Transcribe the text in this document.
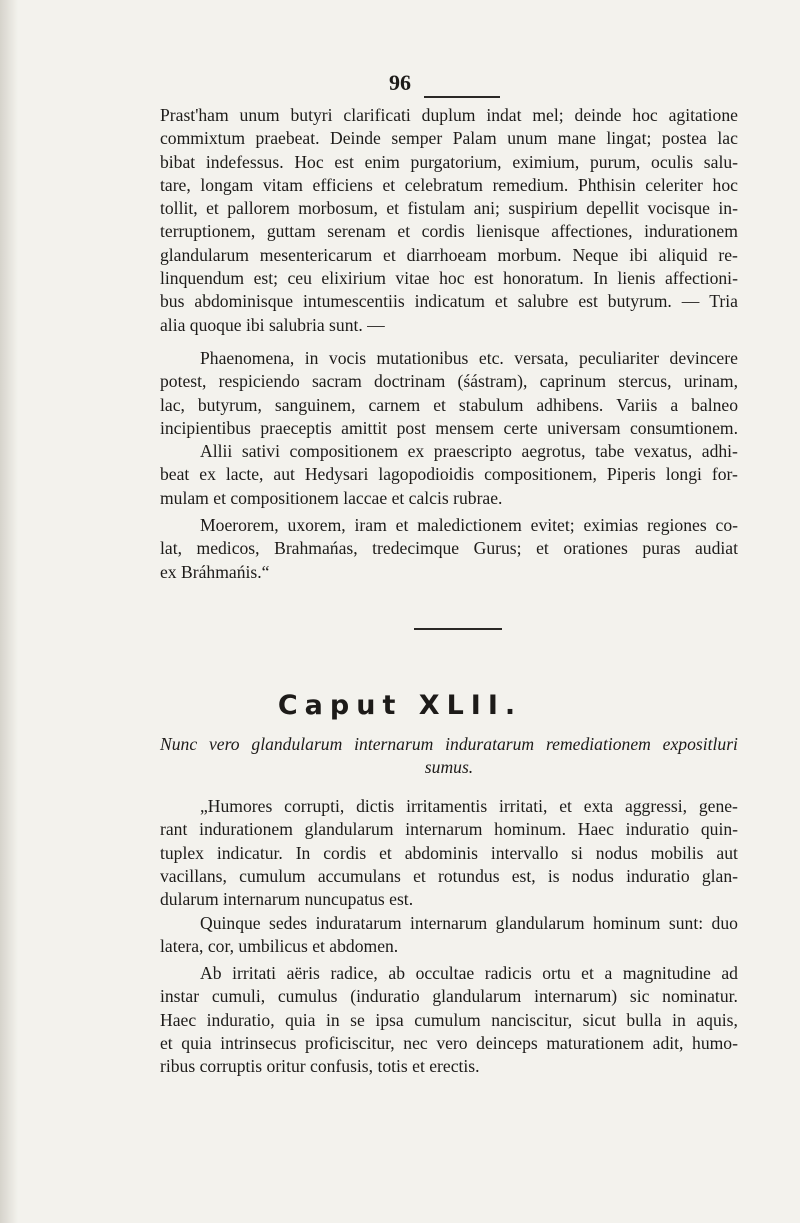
96
Prast'ham unum butyri clarificati duplum indat mel; deinde hoc agitatione
commixtum praebeat. Deinde semper Palam unum mane lingat; postea lac
bibat indefessus. Hoc est enim purgatorium, eximium, purum, oculis salu-
tare, longam vitam efficiens et celebratum remedium. Phthisin celeriter hoc
tollit, et pallorem morbosum, et fistulam ani; suspirium depellit vocisque in-
terruptionem, guttam serenam et cordis lienisque affectiones, indurationem
glandularum mesentericarum et diarrhoeam morbum. Neque ibi aliquid re-
linquendum est; ceu elixirium vitae hoc est honoratum. In lienis affectioni-
bus abdominisque intumescentiis indicatum et salubre est butyrum. — Tria
alia quoque ibi salubria sunt. —
Phaenomena, in vocis mutationibus etc. versata, peculiariter devincere
potest, respiciendo sacram doctrinam (śástram), caprinum stercus, urinam,
lac, butyrum, sanguinem, carnem et stabulum adhibens. Variis a balneo
incipientibus praeceptis amittit post mensem certe universam consumtionem.
Allii sativi compositionem ex praescripto aegrotus, tabe vexatus, adhi-
beat ex lacte, aut Hedysari lagopodioidis compositionem, Piperis longi for-
mulam et compositionem laccae et calcis rubrae.
Moerorem, uxorem, iram et maledictionem evitet; eximias regiones co-
lat, medicos, Brahmańas, tredecimque Gurus; et orationes puras audiat
ex Bráhmańis.“
Caput XLII.
Nunc vero glandularum internarum induratarum remediationem expositluri
sumus.
„Humores corrupti, dictis irritamentis irritati, et exta aggressi, gene-
rant indurationem glandularum internarum hominum. Haec induratio quin-
tuplex indicatur. In cordis et abdominis intervallo si nodus mobilis aut
vacillans, cumulum accumulans et rotundus est, is nodus induratio glan-
dularum internarum nuncupatus est.
Quinque sedes induratarum internarum glandularum hominum sunt: duo
latera, cor, umbilicus et abdomen.
Ab irritati aëris radice, ab occultae radicis ortu et a magnitudine ad
instar cumuli, cumulus (induratio glandularum internarum) sic nominatur.
Haec induratio, quia in se ipsa cumulum nanciscitur, sicut bulla in aquis,
et quia intrinsecus proficiscitur, nec vero deinceps maturationem adit, humo-
ribus corruptis oritur confusis, totis et erectis.
